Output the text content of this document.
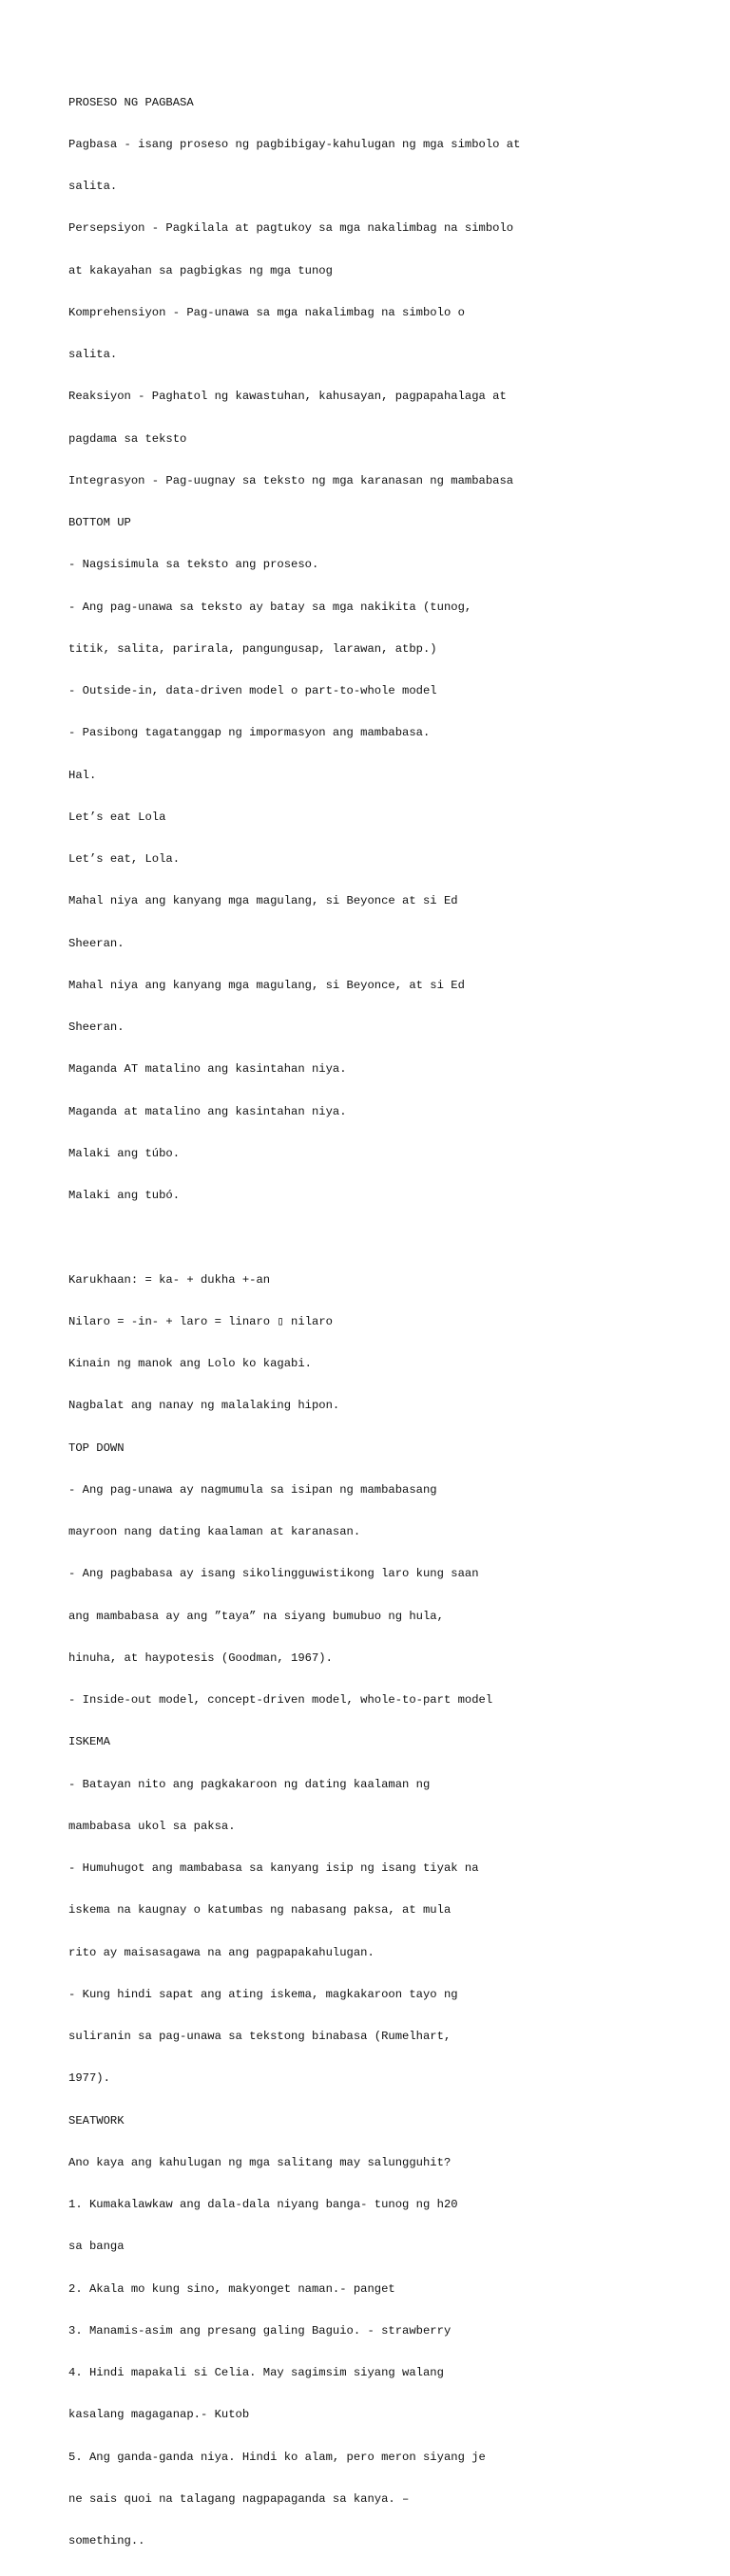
PROSESO NG PAGBASA

Pagbasa - isang proseso ng pagbibigay-kahulugan ng mga simbolo at

salita.

Persepsiyon - Pagkilala at pagtukoy sa mga nakalimbag na simbolo

at kakayahan sa pagbigkas ng mga tunog

Komprehensiyon - Pag-unawa sa mga nakalimbag na simbolo o

salita.

Reaksiyon - Paghatol ng kawastuhan, kahusayan, pagpapahalaga at

pagdama sa teksto

Integrasyon - Pag-uugnay sa teksto ng mga karanasan ng mambabasa

BOTTOM UP

- Nagsisimula sa teksto ang proseso.

- Ang pag-unawa sa teksto ay batay sa mga nakikita (tunog,

titik, salita, parirala, pangungusap, larawan, atbp.)

- Outside-in, data-driven model o part-to-whole model

- Pasibong tagatanggap ng impormasyon ang mambabasa.

Hal.

Let’s eat Lola

Let’s eat, Lola.

Mahal niya ang kanyang mga magulang, si Beyonce at si Ed

Sheeran.

Mahal niya ang kanyang mga magulang, si Beyonce, at si Ed

Sheeran.

Maganda AT matalino ang kasintahan niya.

Maganda at matalino ang kasintahan niya.

Malaki ang túbo.

Malaki ang tubó.

Karukhaan: = ka- + dukha +-an

Nilaro = -in- + laro = linaro ▯ nilaro

Kinain ng manok ang Lolo ko kagabi.

Nagbalat ang nanay ng malalaking hipon.

TOP DOWN

- Ang pag-unawa ay nagmumula sa isipan ng mambabasang

mayroon nang dating kaalaman at karanasan.

- Ang pagbabasa ay isang sikolingguwistikong laro kung saan

ang mambabasa ay ang ”taya” na siyang bumubuo ng hula,

hinuha, at haypotesis (Goodman, 1967).

- Inside-out model, concept-driven model, whole-to-part model

ISKEMA

- Batayan nito ang pagkakaroon ng dating kaalaman ng

mambabasa ukol sa paksa.

- Humuhugot ang mambabasa sa kanyang isip ng isang tiyak na

iskema na kaugnay o katumbas ng nabasang paksa, at mula

rito ay maisasagawa na ang pagpapakahulugan.

- Kung hindi sapat ang ating iskema, magkakaroon tayo ng

suliranin sa pag-unawa sa tekstong binabasa (Rumelhart,

1977).

SEATWORK

Ano kaya ang kahulugan ng mga salitang may salungguhit?

1. Kumakalawkaw ang dala-dala niyang banga- tunog ng h20

sa banga

2. Akala mo kung sino, makyonget naman.- panget

3. Manamis-asim ang presang galing Baguio. - strawberry

4. Hindi mapakali si Celia. May sagimsim siyang walang

kasalang magaganap.- Kutob

5. Ang ganda-ganda niya. Hindi ko alam, pero meron siyang je

ne sais quoi na talagang nagpapaganda sa kanya. –

something..
